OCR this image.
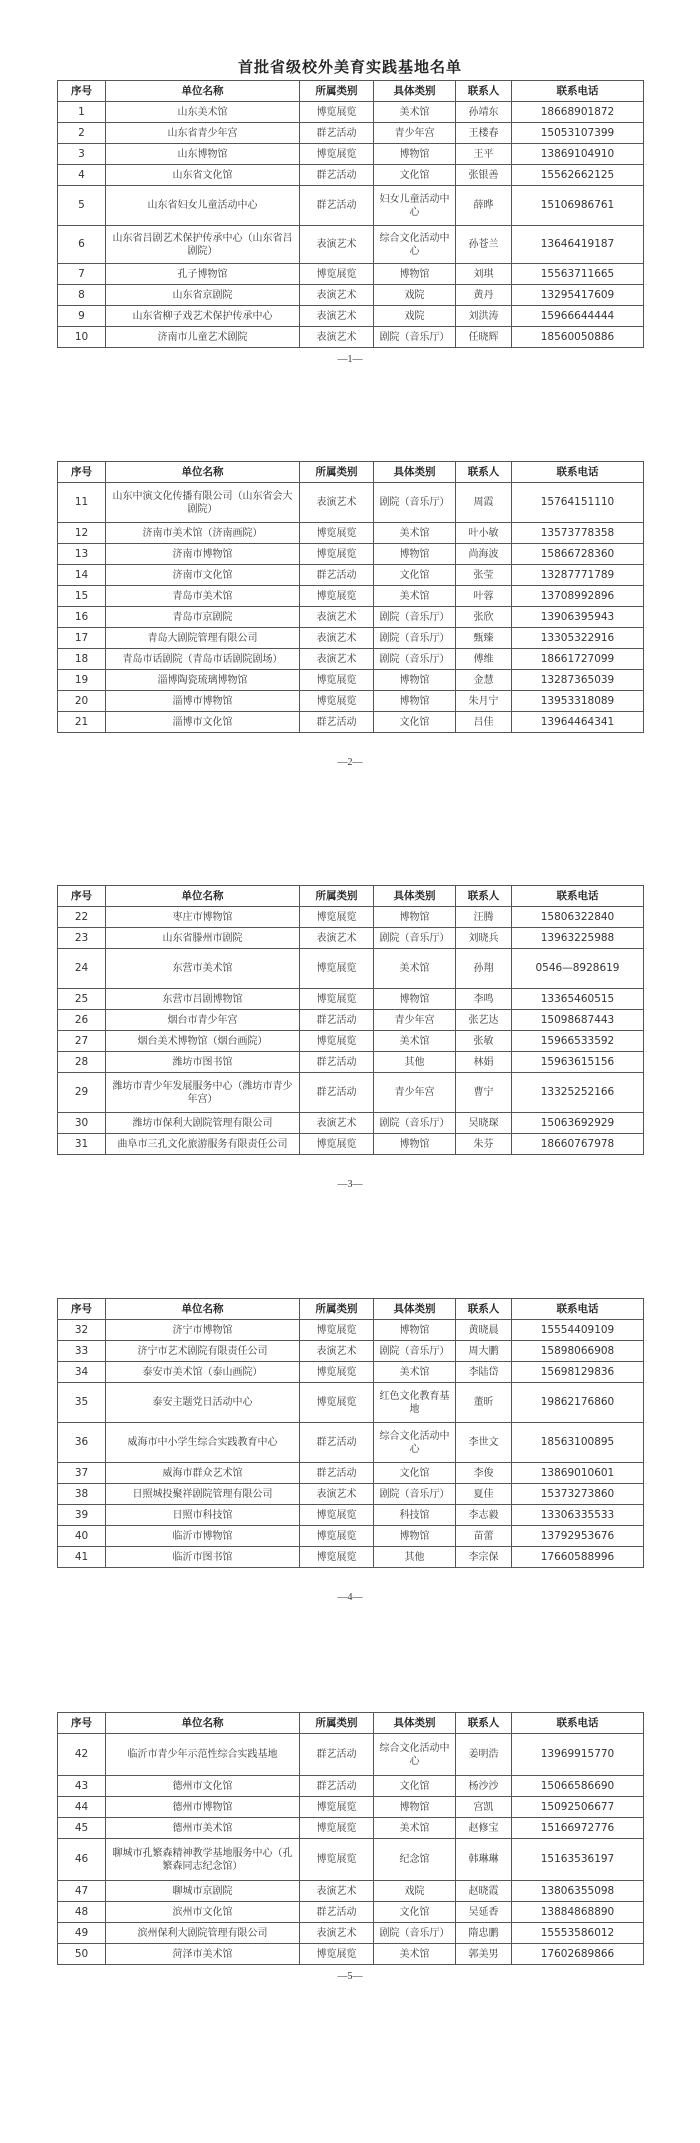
首批省级校外美育实践基地名单
序号	单位名称	所属类别	具体类别	联系人	联系电话
1	山东美术馆	博览展览	美术馆	孙靖东	18668901872
2	山东省青少年宫	群艺活动	青少年宫	王楼春	15053107399
3	山东博物馆	博览展览	博物馆	王平	13869104910
4	山东省文化馆	群艺活动	文化馆	张银善	15562662125
5	山东省妇女儿童活动中心	群艺活动	妇女儿童活动中心	薛晔	15106986761
6	山东省吕剧艺术保护传承中心（山东省吕剧院）	表演艺术	综合文化活动中心	孙苍兰	13646419187
7	孔子博物馆	博览展览	博物馆	刘琪	15563711665
8	山东省京剧院	表演艺术	戏院	黄丹	13295417609
9	山东省柳子戏艺术保护传承中心	表演艺术	戏院	刘洪涛	15966644444
10	济南市儿童艺术剧院	表演艺术	剧院（音乐厅）	任晓辉	18560050886
—1—
序号	单位名称	所属类别	具体类别	联系人	联系电话
11	山东中演文化传播有限公司（山东省会大剧院）	表演艺术	剧院（音乐厅）	周霞	15764151110
12	济南市美术馆（济南画院）	博览展览	美术馆	叶小敏	13573778358
13	济南市博物馆	博览展览	博物馆	尚海波	15866728360
14	济南市文化馆	群艺活动	文化馆	张莹	13287771789
15	青岛市美术馆	博览展览	美术馆	叶蓉	13708992896
16	青岛市京剧院	表演艺术	剧院（音乐厅）	张欣	13906395943
17	青岛大剧院管理有限公司	表演艺术	剧院（音乐厅）	甄臻	13305322916
18	青岛市话剧院（青岛市话剧院剧场）	表演艺术	剧院（音乐厅）	傅维	18661727099
19	淄博陶瓷琉璃博物馆	博览展览	博物馆	金慧	13287365039
20	淄博市博物馆	博览展览	博物馆	朱月宁	13953318089
21	淄博市文化馆	群艺活动	文化馆	吕佳	13964464341
—2—
序号	单位名称	所属类别	具体类别	联系人	联系电话
22	枣庄市博物馆	博览展览	博物馆	汪腾	15806322840
23	山东省滕州市剧院	表演艺术	剧院（音乐厅）	刘晓兵	13963225988
24	东营市美术馆	博览展览	美术馆	孙翔	0546—8928619
25	东营市吕剧博物馆	博览展览	博物馆	李鸣	13365460515
26	烟台市青少年宫	群艺活动	青少年宫	张艺达	15098687443
27	烟台美术博物馆（烟台画院）	博览展览	美术馆	张敏	15966533592
28	潍坊市图书馆	群艺活动	其他	林娟	15963615156
29	潍坊市青少年发展服务中心（潍坊市青少年宫）	群艺活动	青少年宫	曹宁	13325252166
30	潍坊市保利大剧院管理有限公司	表演艺术	剧院（音乐厅）	吴晓琛	15063692929
31	曲阜市三孔文化旅游服务有限责任公司	博览展览	博物馆	朱芬	18660767978
—3—
序号	单位名称	所属类别	具体类别	联系人	联系电话
32	济宁市博物馆	博览展览	博物馆	黄晓晨	15554409109
33	济宁市艺术剧院有限责任公司	表演艺术	剧院（音乐厅）	周大鹏	15898066908
34	泰安市美术馆（泰山画院）	博览展览	美术馆	李陆岱	15698129836
35	泰安主题党日活动中心	博览展览	红色文化教育基地	董昕	19862176860
36	威海市中小学生综合实践教育中心	群艺活动	综合文化活动中心	李世文	18563100895
37	威海市群众艺术馆	群艺活动	文化馆	李俊	13869010601
38	日照城投聚祥剧院管理有限公司	表演艺术	剧院（音乐厅）	夏佳	15373273860
39	日照市科技馆	博览展览	科技馆	李志毅	13306335533
40	临沂市博物馆	博览展览	博物馆	苗蕾	13792953676
41	临沂市图书馆	博览展览	其他	李宗保	17660588996
—4—
序号	单位名称	所属类别	具体类别	联系人	联系电话
42	临沂市青少年示范性综合实践基地	群艺活动	综合文化活动中心	姜明浩	13969915770
43	德州市文化馆	群艺活动	文化馆	杨沙沙	15066586690
44	德州市博物馆	博览展览	博物馆	宫凯	15092506677
45	德州市美术馆	博览展览	美术馆	赵修宝	15166972776
46	聊城市孔繁森精神教学基地服务中心（孔繁森同志纪念馆）	博览展览	纪念馆	韩琳琳	15163536197
47	聊城市京剧院	表演艺术	戏院	赵晓霞	13806355098
48	滨州市文化馆	群艺活动	文化馆	吴延香	13884868890
49	滨州保利大剧院管理有限公司	表演艺术	剧院（音乐厅）	隋忠鹏	15553586012
50	菏泽市美术馆	博览展览	美术馆	郭美男	17602689866
—5—
